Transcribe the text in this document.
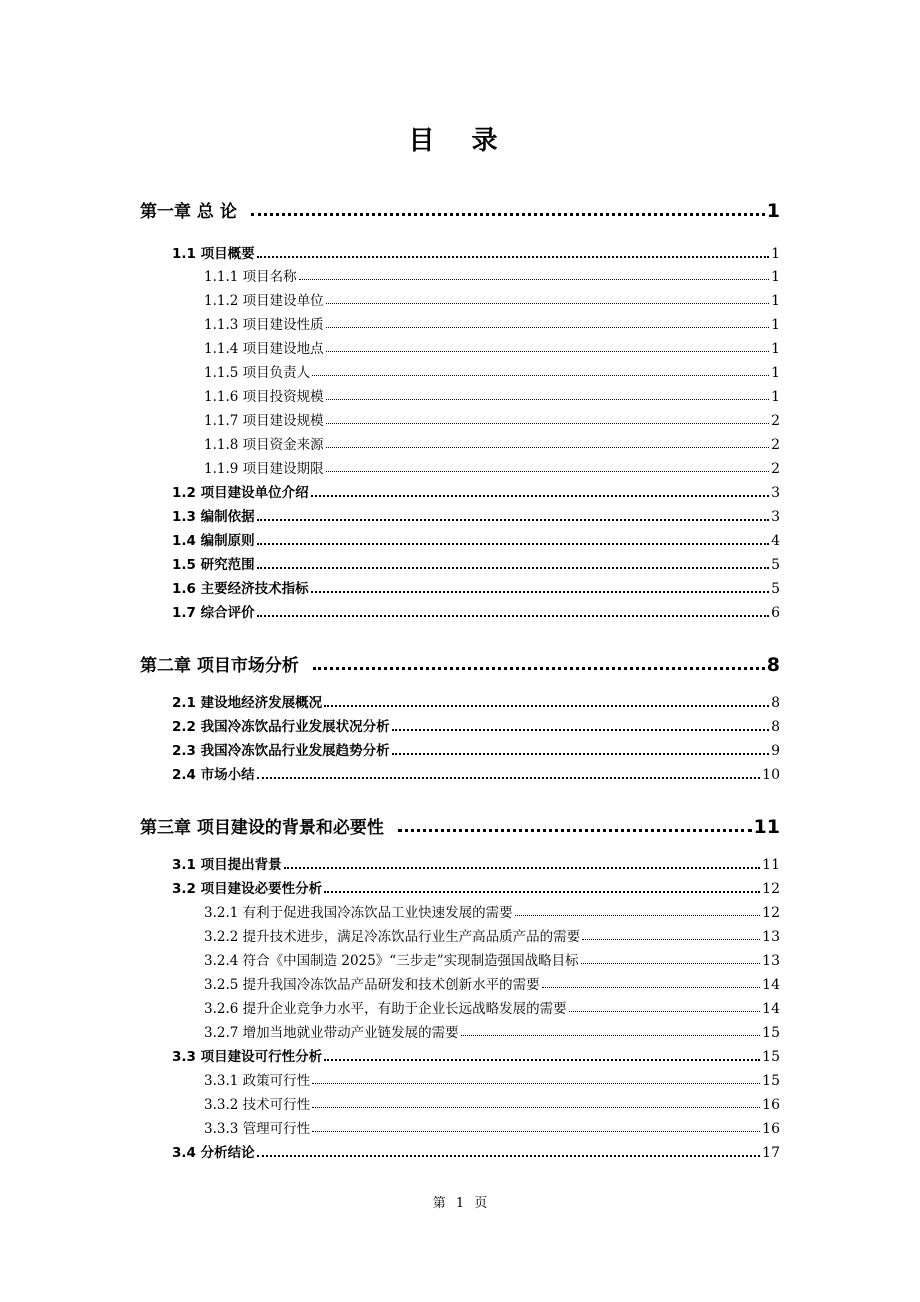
目 录
第一章 总 论	1
1.1 项目概要	1
1.1.1 项目名称	1
1.1.2 项目建设单位	1
1.1.3 项目建设性质	1
1.1.4 项目建设地点	1
1.1.5 项目负责人	1
1.1.6 项目投资规模	1
1.1.7 项目建设规模	2
1.1.8 项目资金来源	2
1.1.9 项目建设期限	2
1.2 项目建设单位介绍	3
1.3 编制依据	3
1.4 编制原则	4
1.5 研究范围	5
1.6 主要经济技术指标	5
1.7 综合评价	6
第二章 项目市场分析	8
2.1 建设地经济发展概况	8
2.2 我国冷冻饮品行业发展状况分析	8
2.3 我国冷冻饮品行业发展趋势分析	9
2.4 市场小结	10
第三章 项目建设的背景和必要性	11
3.1 项目提出背景	11
3.2 项目建设必要性分析	12
3.2.1 有利于促进我国冷冻饮品工业快速发展的需要	12
3.2.2 提升技术进步，满足冷冻饮品行业生产高品质产品的需要	13
3.2.4 符合《中国制造 2025》“三步走”实现制造强国战略目标	13
3.2.5 提升我国冷冻饮品产品研发和技术创新水平的需要	14
3.2.6 提升企业竞争力水平，有助于企业长远战略发展的需要	14
3.2.7 增加当地就业带动产业链发展的需要	15
3.3 项目建设可行性分析	15
3.3.1 政策可行性	15
3.3.2 技术可行性	16
3.3.3 管理可行性	16
3.4 分析结论	17
第 1 页
